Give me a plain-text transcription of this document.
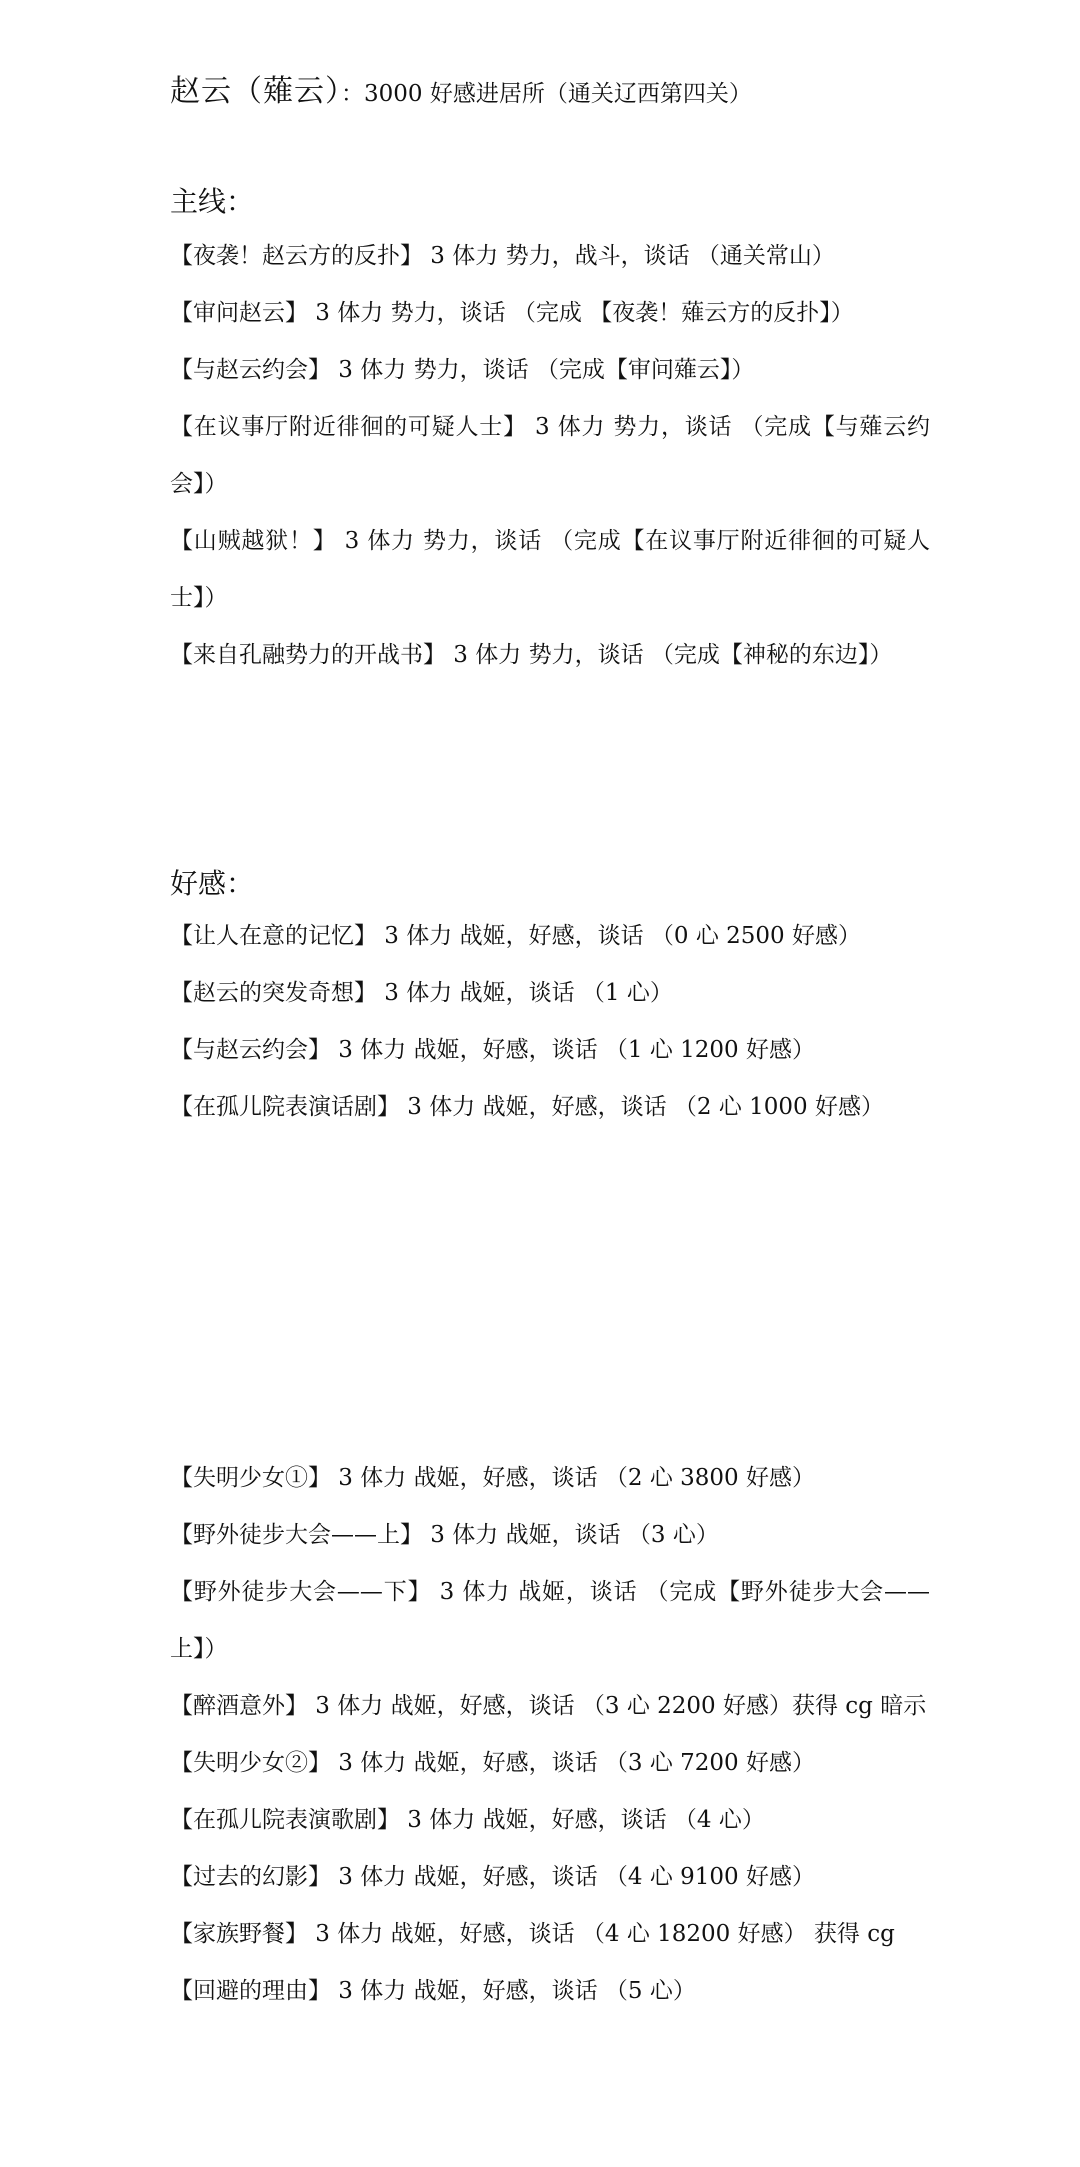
赵云（薙云）：3000 好感进居所（通关辽西第四关）
主线：
【夜袭！赵云方的反扑】 3 体力 势力，战斗，谈话 （通关常山）
【审问赵云】 3 体力 势力，谈话 （完成 【夜袭！薙云方的反扑】）
【与赵云约会】 3 体力 势力，谈话 （完成【审问薙云】）
【在议事厅附近徘徊的可疑人士】 3 体力 势力，谈话 （完成【与薙云约会】）
【山贼越狱！】 3 体力 势力，谈话 （完成【在议事厅附近徘徊的可疑人士】）
【来自孔融势力的开战书】 3 体力 势力，谈话 （完成【神秘的东边】）
好感：
【让人在意的记忆】 3 体力 战姬，好感，谈话 （0 心 2500 好感）
【赵云的突发奇想】 3 体力 战姬，谈话 （1 心）
【与赵云约会】 3 体力 战姬，好感，谈话 （1 心 1200 好感）
【在孤儿院表演话剧】 3 体力 战姬，好感，谈话 （2 心 1000 好感）
【失明少女①】 3 体力 战姬，好感，谈话 （2 心 3800 好感）
【野外徒步大会——上】 3 体力 战姬，谈话 （3 心）
【野外徒步大会——下】 3 体力 战姬，谈话 （完成【野外徒步大会——上】）
【醉酒意外】 3 体力 战姬，好感，谈话 （3 心 2200 好感）获得 cg 暗示
【失明少女②】 3 体力 战姬，好感，谈话 （3 心 7200 好感）
【在孤儿院表演歌剧】 3 体力 战姬，好感，谈话 （4 心）
【过去的幻影】 3 体力 战姬，好感，谈话 （4 心 9100 好感）
【家族野餐】 3 体力 战姬，好感，谈话 （4 心 18200 好感） 获得 cg
【回避的理由】 3 体力 战姬，好感，谈话 （5 心）
